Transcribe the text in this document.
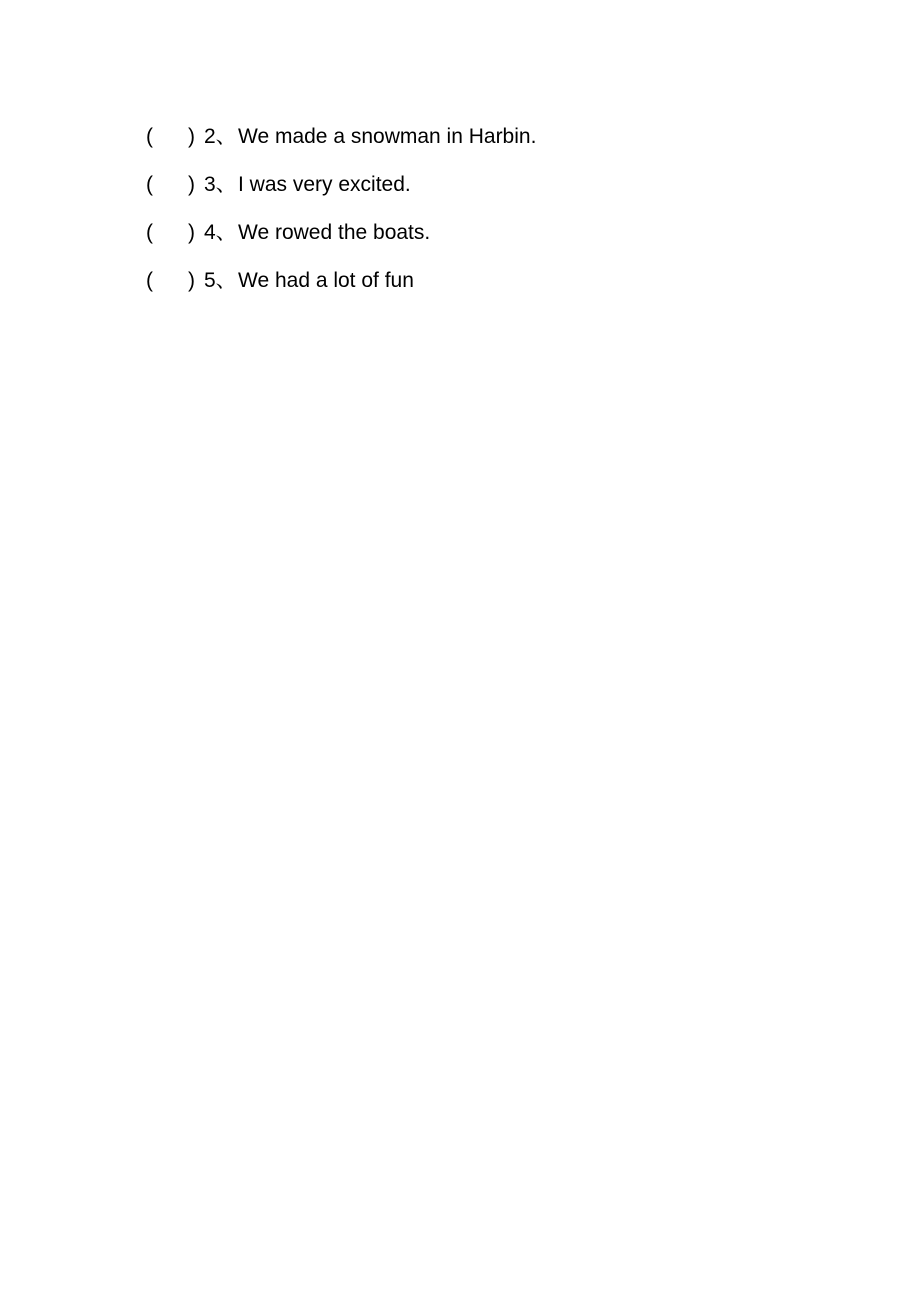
( ) 2、 We made a snowman in Harbin.
( ) 3、 I was very excited.
( ) 4、 We rowed the boats.
( ) 5、 We had a lot of fun
